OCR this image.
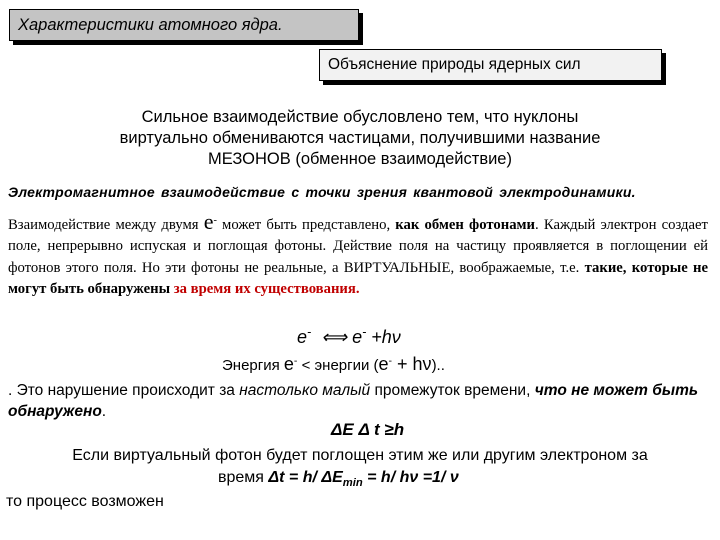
Характеристики атомного ядра.
Объяснение природы ядерных сил
Сильное взаимодействие обусловлено тем, что нуклоны
виртуально обмениваются частицами, получившими название
МЕЗОНОВ (обменное взаимодействие)
Электромагнитное взаимодействие с точки зрения квантовой электродинамики.
Взаимодействие между двумя е- может быть представлено, как обмен фотонами. Каждый электрон создает поле, непрерывно испуская и поглощая фотоны. Действие поля на частицу проявляется в поглощении ей фотонов этого поля. Но эти фотоны не реальные, а ВИРТУАЛЬНЫЕ, воображаемые, т.е. такие, которые не могут быть обнаружены за время их существования.
е- ⟺ е- +hν
Энергия е- < энергии (е- + hν)..
. Это нарушение происходит за настолько малый промежуток времени, что не может быть обнаружено.
ΔE Δ t ≥h
Если виртуальный фотон будет поглощен этим же или другим электроном за
время Δt = h/ $\Delta E_{min} = h/$ hν =1/ ν
то процесс возможен
